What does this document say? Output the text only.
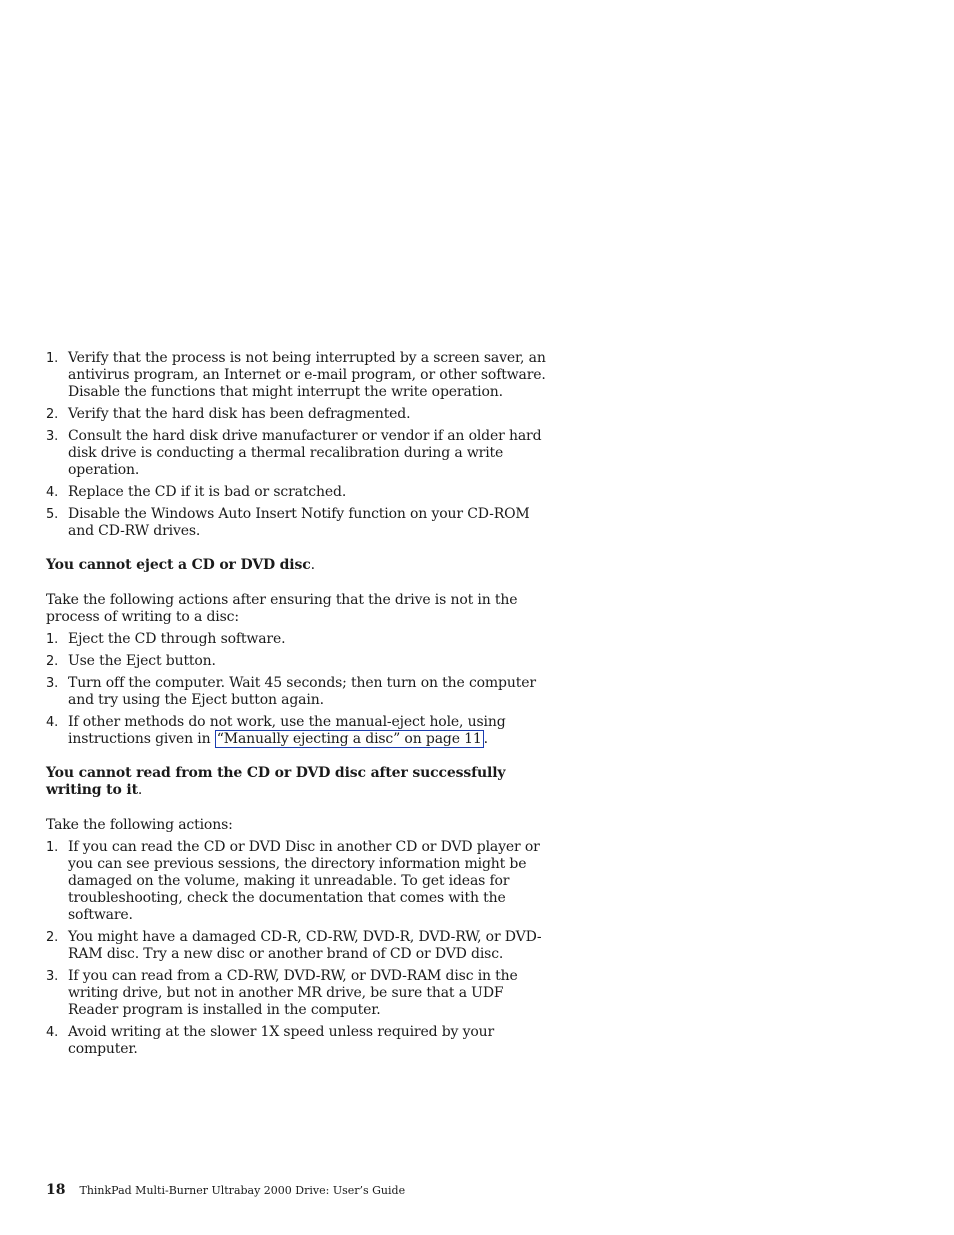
1. Verify that the process is not being interrupted by a screen saver, an antivirus program, an Internet or e-mail program, or other software. Disable the functions that might interrupt the write operation.
2. Verify that the hard disk has been defragmented.
3. Consult the hard disk drive manufacturer or vendor if an older hard disk drive is conducting a thermal recalibration during a write operation.
4. Replace the CD if it is bad or scratched.
5. Disable the Windows Auto Insert Notify function on your CD-ROM and CD-RW drives.
You cannot eject a CD or DVD disc.
Take the following actions after ensuring that the drive is not in the process of writing to a disc:
1. Eject the CD through software.
2. Use the Eject button.
3. Turn off the computer. Wait 45 seconds; then turn on the computer and try using the Eject button again.
4. If other methods do not work, use the manual-eject hole, using instructions given in “Manually ejecting a disc” on page 11 .
You cannot read from the CD or DVD disc after successfully writing to it.
Take the following actions:
1. If you can read the CD or DVD Disc in another CD or DVD player or you can see previous sessions, the directory information might be damaged on the volume, making it unreadable. To get ideas for troubleshooting, check the documentation that comes with the software.
2. You might have a damaged CD-R, CD-RW, DVD-R, DVD-RW, or DVD-RAM disc. Try a new disc or another brand of CD or DVD disc.
3. If you can read from a CD-RW, DVD-RW, or DVD-RAM disc in the writing drive, but not in another MR drive, be sure that a UDF Reader program is installed in the computer.
4. Avoid writing at the slower 1X speed unless required by your computer.
18 ThinkPad Multi-Burner Ultrabay 2000 Drive: User’s Guide
